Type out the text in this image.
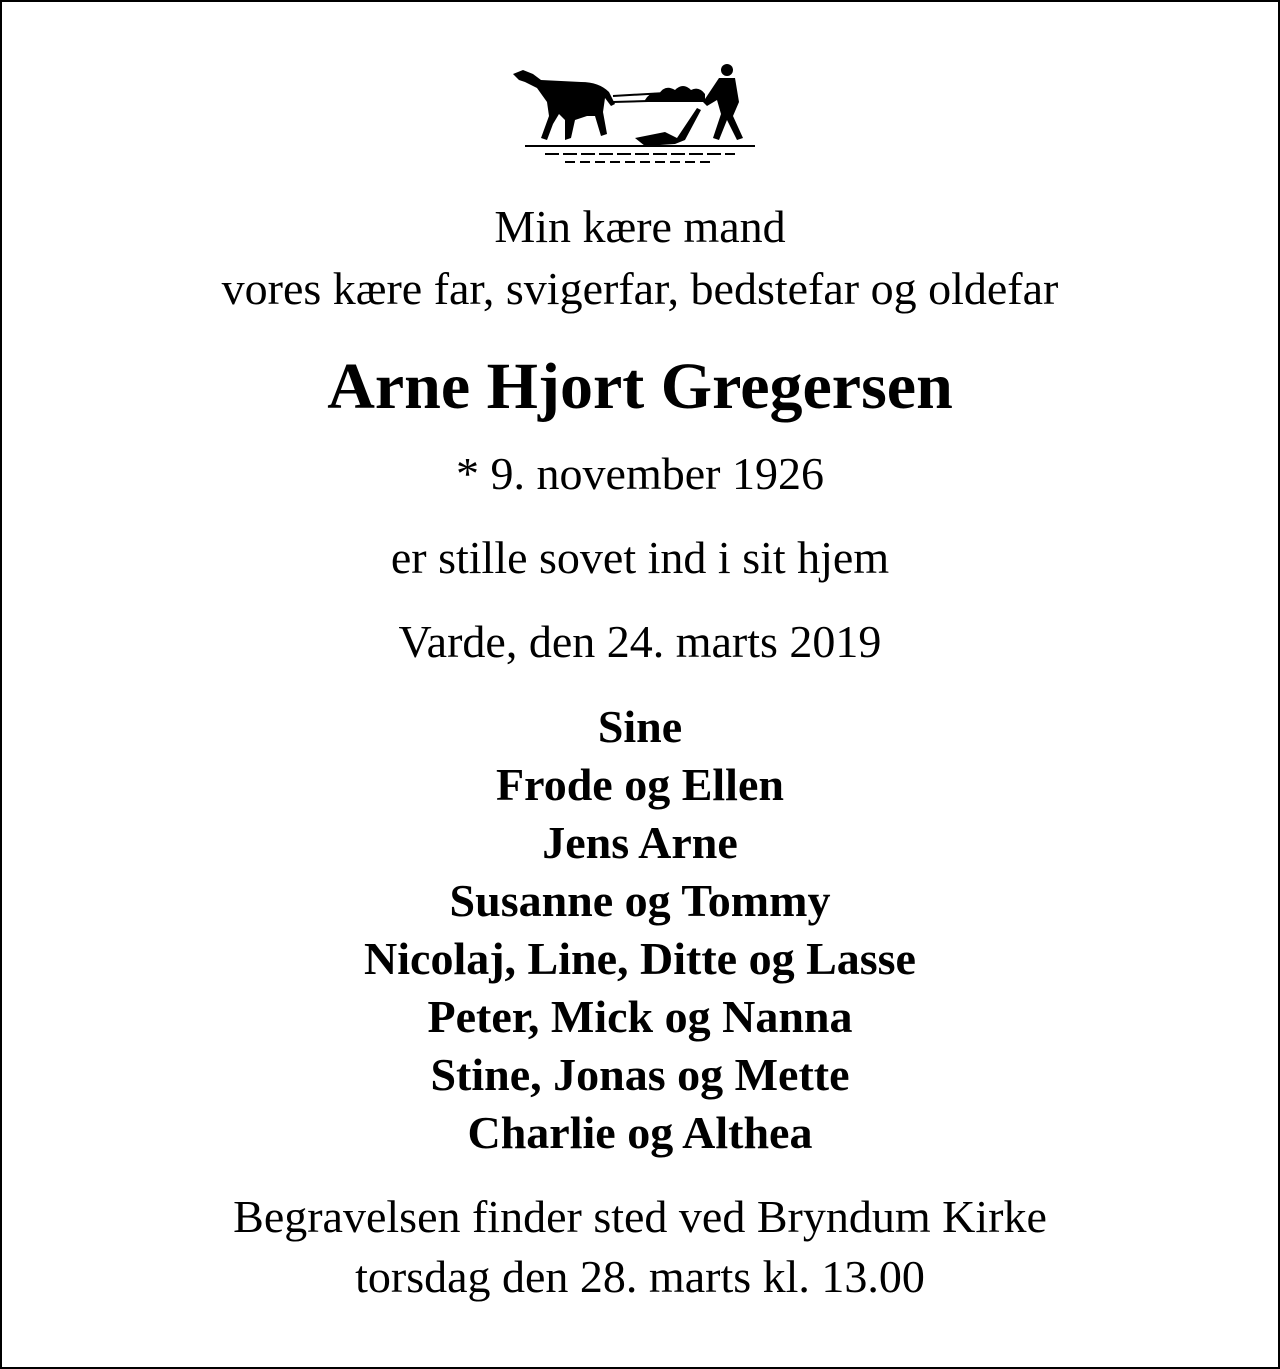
Min kære mand
vores kære far, svigerfar, bedstefar og oldefar
Arne Hjort Gregersen
* 9. november 1926
er stille sovet ind i sit hjem
Varde, den 24. marts 2019
Sine
Frode og Ellen
Jens Arne
Susanne og Tommy
Nicolaj, Line, Ditte og Lasse
Peter, Mick og Nanna
Stine, Jonas og Mette
Charlie og Althea
Begravelsen finder sted ved Bryndum Kirke
torsdag den 28. marts kl. 13.00
